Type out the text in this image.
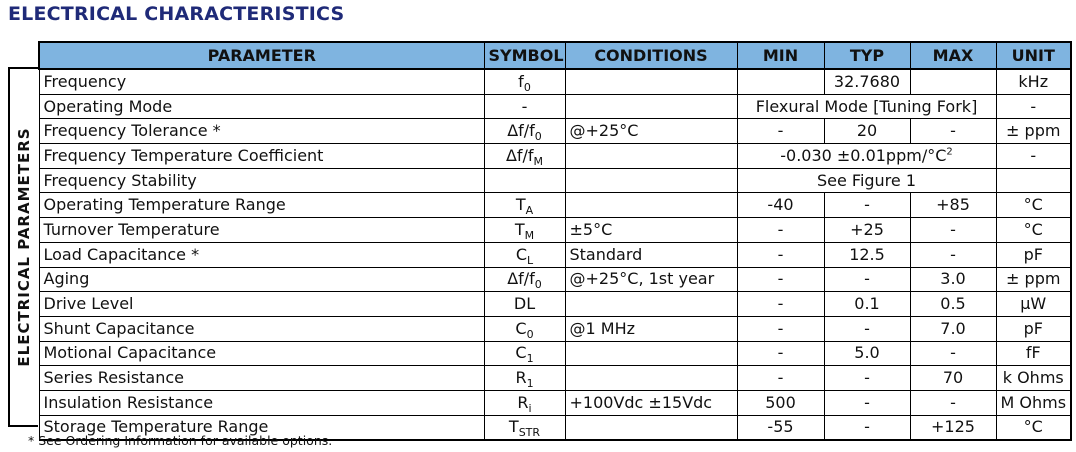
ELECTRICAL CHARACTERISTICS
ELECTRICAL PARAMETERS
PARAMETER	SYMBOL	CONDITIONS	MIN	TYP	MAX	UNIT
Frequency	$f_0$			32.7680		kHz
Operating Mode	-		Flexural Mode [Tuning Fork]			-
Frequency Tolerance *	$\Delta f/f_0$	@+25°C	-	20	-	± ppm
Frequency Temperature Coefficient	$\Delta f/f_M$		$-0.030 \pm 0.01ppm/^\circ C^2$			-
Frequency Stability			See Figure 1			
Operating Temperature Range	$T_A$		-40	-	+85	°C
Turnover Temperature	$T_M$	±5°C	-	+25	-	°C
Load Capacitance *	$C_L$	Standard	-	12.5	-	pF
Aging	$\Delta f/f_0$	@+25°C, 1st year	-	-	3.0	± ppm
Drive Level	DL		-	0.1	0.5	µW
Shunt Capacitance	$C_0$	@1 MHz	-	-	7.0	pF
Motional Capacitance	$C_1$		-	5.0	-	fF
Series Resistance	$R_1$		-	-	70	k Ohms
Insulation Resistance	$R_i$	+100Vdc ±15Vdc	500	-	-	M Ohms
Storage Temperature Range	$T_{STR}$		-55	-	+125	°C
* See Ordering Information for available options.
